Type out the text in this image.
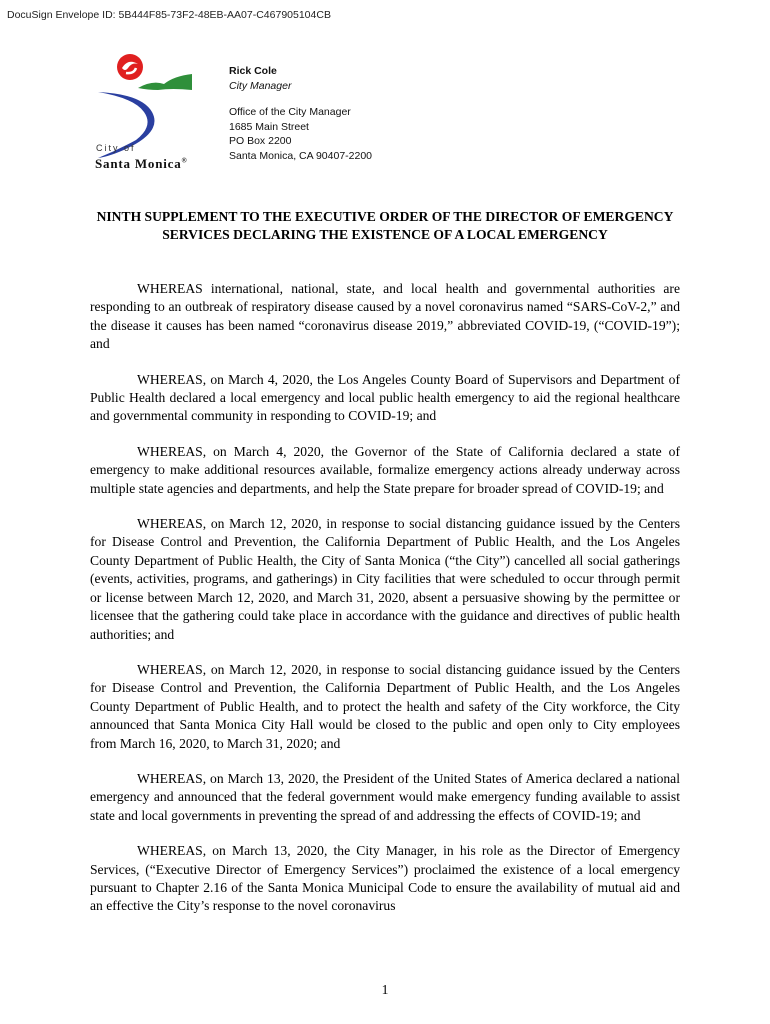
DocuSign Envelope ID: 5B444F85-73F2-48EB-AA07-C467905104CB
City of
Santa Monica®
Rick Cole
City Manager
Office of the City Manager
1685 Main Street
PO Box 2200
Santa Monica, CA 90407-2200
NINTH SUPPLEMENT TO THE EXECUTIVE ORDER OF THE DIRECTOR OF EMERGENCY SERVICES DECLARING THE EXISTENCE OF A LOCAL EMERGENCY

WHEREAS international, national, state, and local health and governmental authorities are responding to an outbreak of respiratory disease caused by a novel coronavirus named “SARS-CoV-2,” and the disease it causes has been named “coronavirus disease 2019,” abbreviated COVID-19, (“COVID-19”); and

WHEREAS, on March 4, 2020, the Los Angeles County Board of Supervisors and Department of Public Health declared a local emergency and local public health emergency to aid the regional healthcare and governmental community in responding to COVID-19; and

WHEREAS, on March 4, 2020, the Governor of the State of California declared a state of emergency to make additional resources available, formalize emergency actions already underway across multiple state agencies and departments, and help the State prepare for broader spread of COVID-19; and

WHEREAS, on March 12, 2020, in response to social distancing guidance issued by the Centers for Disease Control and Prevention, the California Department of Public Health, and the Los Angeles County Department of Public Health, the City of Santa Monica (“the City”) cancelled all social gatherings (events, activities, programs, and gatherings) in City facilities that were scheduled to occur through permit or license between March 12, 2020, and March 31, 2020, absent a persuasive showing by the permittee or licensee that the gathering could take place in accordance with the guidance and directives of public health authorities; and

WHEREAS, on March 12, 2020, in response to social distancing guidance issued by the Centers for Disease Control and Prevention, the California Department of Public Health, and the Los Angeles County Department of Public Health, and to protect the health and safety of the City workforce, the City announced that Santa Monica City Hall would be closed to the public and open only to City employees from March 16, 2020, to March 31, 2020; and

WHEREAS, on March 13, 2020, the President of the United States of America declared a national emergency and announced that the federal government would make emergency funding available to assist state and local governments in preventing the spread of and addressing the effects of COVID-19; and

WHEREAS, on March 13, 2020, the City Manager, in his role as the Director of Emergency Services, (“Executive Director of Emergency Services”) proclaimed the existence of a local emergency pursuant to Chapter 2.16 of the Santa Monica Municipal Code to ensure the availability of mutual aid and an effective the City’s response to the novel coronavirus

1
